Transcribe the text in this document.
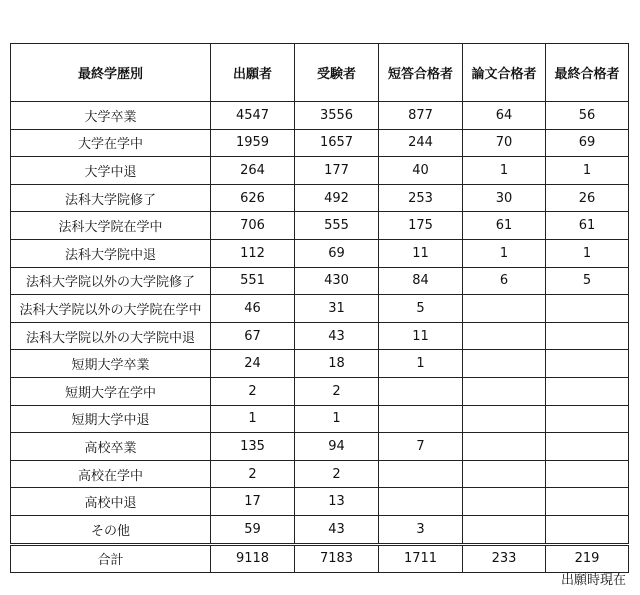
最終学歴別	出願者	受験者	短答合格者	論文合格者	最終合格者
大学卒業	4547	3556	877	64	56
大学在学中	1959	1657	244	70	69
大学中退	264	177	40	1	1
法科大学院修了	626	492	253	30	26
法科大学院在学中	706	555	175	61	61
法科大学院中退	112	69	11	1	1
法科大学院以外の大学院修了	551	430	84	6	5
法科大学院以外の大学院在学中	46	31	5		
法科大学院以外の大学院中退	67	43	11		
短期大学卒業	24	18	1		
短期大学在学中	2	2			
短期大学中退	1	1			
高校卒業	135	94	7		
高校在学中	2	2			
高校中退	17	13			
その他	59	43	3		
合計	9118	7183	1711	233	219
出願時現在
